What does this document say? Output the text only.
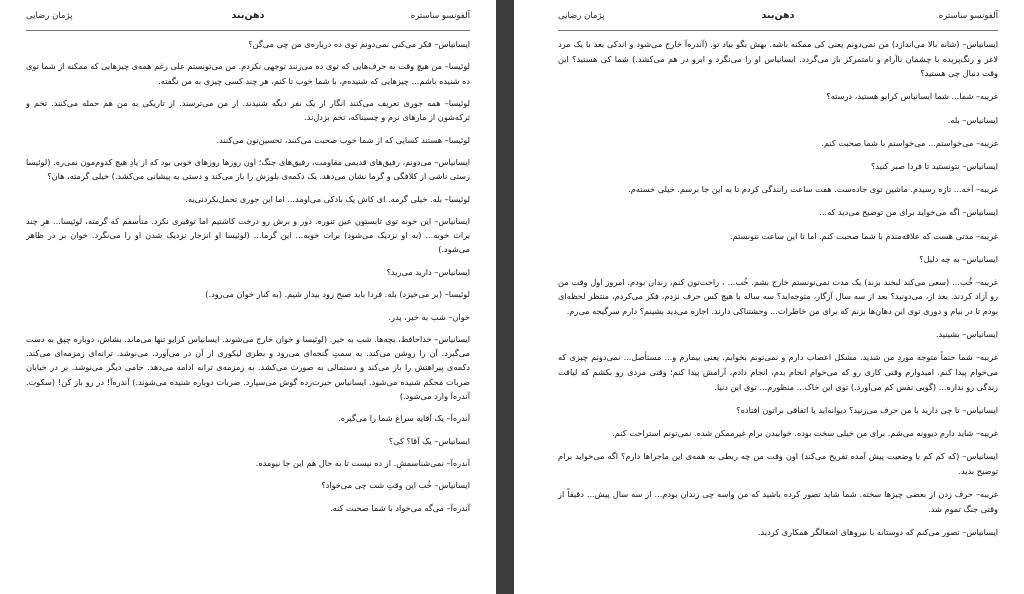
آلفونسو ساستره
دهن‌بند
پژمان رضایی

ایسانیاس– فکر می‌کنی نمی‌دونم توی ده درباره‌ی من چی می‌گن؟

لوئیسا– من هیچ وقت به حرف‌هایی که توی ده می‌زنند توجهی نکردم. من می‌تونستم علی رغم همه‌ی چیزهایی که ممکنه از شما توی ده شنیده باشم... چیزهایی که شنیده‌م، با شما خوب تا کنم، هر چند کسی چیزی به من نگفته.

لوئیسا– همه جوری تعریف می‌کنند انگار از یک نفر دیگه شنیدند. از من می‌ترسند. از تاریکی به من هم حمله می‌کنند. تخم و ترکه‌شون از مارهای نرم و چسبناکه، تخم بزدل‌ند.

لوئیسا– هستند کسایی که از شما خوب صحبت می‌کنند، تحسین‌تون می‌کنند.

ایسانیاس– می‌دونم، رفیق‌های قدیمی مقاومت، رفیق‌های جنگ؛ اون روزها روزهای خوبی بود که از یادِ هیچ کدوم‌مون نمی‌ره. (لوئیسا زستی ناشی از کلافگی و گرما نشان می‌دهد. یک دکمه‌ی بلوزش را باز می‌کند و دستی به پیشانی می‌کشد.) خیلی گرمته، هان؟

لوئیسا– بله. خیلی گرمه. ای کاش یک بادکی می‌اومد... اما این جوری تحمل‌نکردنی‌یه.

ایسانیاس– این خونه توی تابستون عین تنوره. دور و برش رو درخت کاشتیم اما توفیری نکرد. متأسفم که گرمته، لوئیسا... هر چند برات خوبه... (به او نزدیک می‌شود) برات خوبه... این گرما... (لوئیسا او انزجار نزدیک شدن او را می‌نگرد. خوان بر در ظاهر می‌شود.)

ایسانیاس– دارید می‌رید؟

لوئیسا– (بر می‌خیزد) بله. فردا باید صبح زود بیدار شیم. (به کنار خوان می‌رود.)

خوان– شب به خیر، پدر.

ایسانیاس– خداحافظ، بچه‌ها. شب به خیر. (لوئیسا و خوان خارج می‌شوند. ایسانیاس کرایو تنها می‌ماند. بشاش، دوباره چپق به دست می‌گیرد. آن را روشن می‌کند. به سمتِ گنجه‌ای می‌رود و بطری لیکوری از آن در می‌آورد. می‌نوشد. ترانه‌ای زمزمه‌ای می‌کند. دکمه‌ی پیراهنش را باز می‌کند و دستمالی به صورت می‌کشد. به زمزمه‌ی ترانه ادامه می‌دهد. جامی دیگر می‌نوشد. بر در خیابان ضربات محکم شنیده می‌شود. ایسانیاس حیرت‌زده گوش می‌سپارد. ضربات دوباره شنیده می‌شوند.) آندره‌آ! در رو باز کن! (سکوت. آندره‌آ وارد می‌شود.)

آندره‌آ– یک آقایه سراغ شما را می‌گیره.

ایسانیاس– یک آقا؟ کی؟

آندره‌آ– نمی‌شناسمش. از ده نیست تا به حال هم این جا نیومده.

ایسانیاس– خُب این وقتِ شب چی می‌خواد؟

آندره‌آ– می‌گه می‌خواد با شما صحبت کنه.

آلفونسو ساستره
دهن‌بند
پژمان رضایی

ایسانیاس– (شانه بالا می‌اندازد) من نمی‌دونم یعنی کی ممکنه باشه. بهش بگو بیاد تو. (آندره‌آ خارج می‌شود و اندکی بعد با یک مرد لاغر و رنگ‌پریده با چشمان ناآرام و نامتمرکز باز می‌گردد. ایسانیاس او را می‌نگرد و ابرو در هم می‌کشد.) شما کی هستید؟ این وقت دنبال چی هستید؟

غریبه– شما... شما ایسانیاس کرایو هستید، درسته؟

ایسانیاس– بله.

غریبه– می‌خواستم... می‌خواستم با شما صحبت کنم.

ایسانیاس– نتونستید تا فردا صبر کنید؟

غریبه– آخه... تازه رسیدم. ماشین توی جاده‌ست. هفت ساعت رانندگی کردم تا به این جا برسم. خیلی خسته‌م.

ایسانیاس– اگه می‌خواید برای من توضیح می‌دید که...

غریبه– مدتی هست که علاقه‌مندم با شما صحبت کنم. اما تا این ساعت نتونستم.

ایسانیاس– به چه دلیل؟

غریبه– خُب... (سعی می‌کند لبخند بزند) یک مدت نمی‌تونستم خارج بشم. خُب... ، راحت‌تون کنم، زندان بودم. امروز اول وقت من رو آزاد کردند. بعد از، می‌دونید؟ بعد از سه سال آزگار، متوجه‌اید؟ سه ساله با هیچ کس حرف نزدم، فکر می‌کردم، منتظر لحظه‌ای بودم تا در بیام و دوری توی این دهان‌ها بزنم که برای من خاطرات... وحشتناکی دارند. اجازه می‌دید بشینم؟ دارم سرگیجه می‌رم.

ایسانیاس– بشینید.

غریبه– شما حتماً متوجه موردِ من شدید. مشکل اعصاب دارم و نمی‌تونم بخوابم. یعنی بیمارم و... مستأصل... نمی‌دونم چیزی که می‌خوام پیدا کنم. امیدوارم وقتی کاری رو که می‌خوام انجام بدم، انجام دادم، آرامش پیدا کنم؛ وقتی مردی رو بکشم که لیاقت زندگی رو نداره... (گویی نفس کم می‌آورد.) توی این خاک... منظورم... توی این دنیا.

ایسانیاس– تا چی دارید با من حرف می‌زنید؟ دیوانه‌اید یا اتفاقی براتون افتاده؟

غریبه– شاید دارم دیوونه می‌شم. برای من خیلی سخت بوده. خوابیدن برام غیرممکن شده. نمی‌تونم استراحت کنم.

ایسانیاس– (که کم کم با وضعیت پیش آمده تفریح می‌کند) اون وقت من چه ربطی به همه‌ی این ماجراها دارم؟ اگه می‌خواید برام توضیح بدید.

غریبه– حرف زدن از بعضی چیزها سخته. شما شاید تصور کرده باشید که من واسه چی زندان بودم... از سه سال پیش... دقیقاً از وقتی جنگ تموم شد.

ایسانیاس– تصور می‌کنم که دوستانه با نیروهای اشغالگر همکاری کردید.
